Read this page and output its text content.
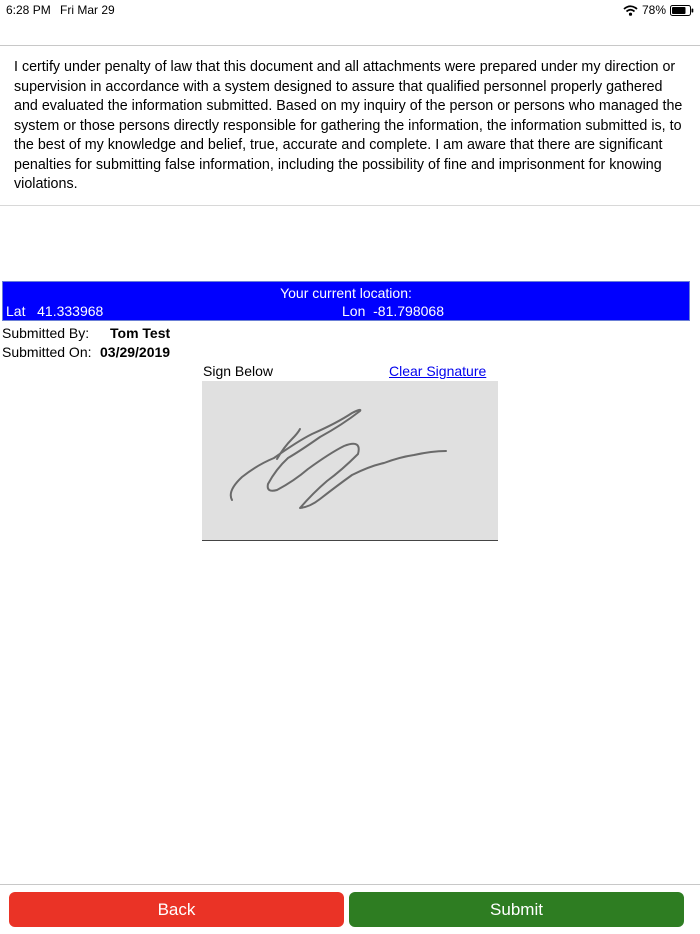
6:28 PM Fri Mar 29	78%
I certify under penalty of law that this document and all attachments were prepared under my direction or supervision in accordance with a system designed to assure that qualified personnel properly gathered and evaluated the information submitted. Based on my inquiry of the person or persons who managed the system or those persons directly responsible for gathering the information, the information submitted is, to the best of my knowledge and belief, true, accurate and complete. I am aware that there are significant penalties for submitting false information, including the possibility of fine and imprisonment for knowing violations.
Your current location:
Lat 41.333968	Lon -81.798068
Submitted By: Tom Test
Submitted On: 03/29/2019
Sign Below	Clear Signature
Back	Submit
